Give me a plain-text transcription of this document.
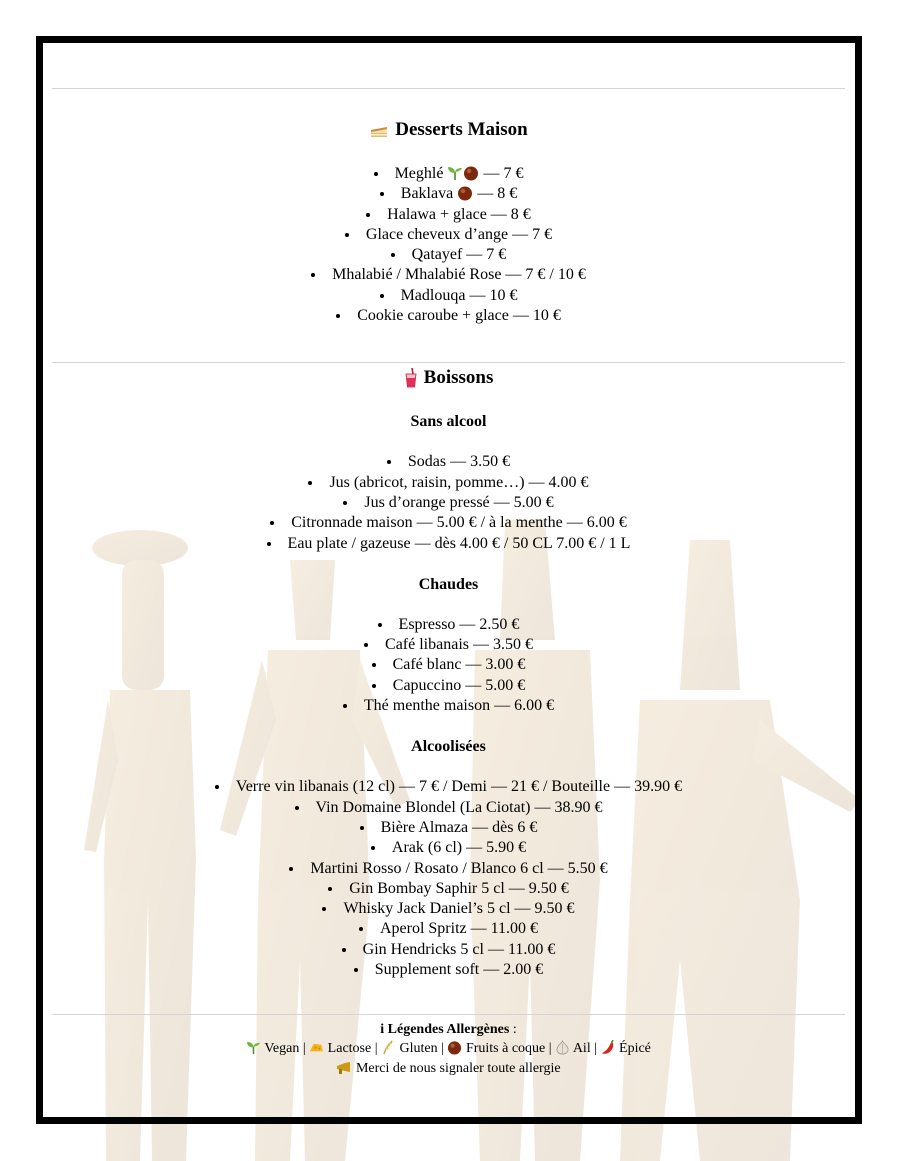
Desserts Maison
• Meghlé	— 7 €
• Baklava — 8 €
• Halawa + glace — 8 €
• Glace cheveux d’ange — 7 €
• Qatayef — 7 €
• Mhalabié / Mhalabié Rose — 7 € / 10 €
• Madlouqa — 10 €
• Cookie caroube + glace — 10 €
Boissons
Sans alcool
• Sodas — 3.50 €
• Jus (abricot, raisin, pomme…) — 4.00 €
• Jus d’orange pressé — 5.00 €
• Citronnade maison — 5.00 € / à la menthe — 6.00 €
• Eau plate / gazeuse — dès 4.00 € / 50 CL 7.00 € / 1 L
Chaudes
• Espresso — 2.50 €
• Café libanais — 3.50 €
• Café blanc — 3.00 €
• Capuccino — 5.00 €
• Thé menthe maison — 6.00 €
Alcoolisées
• Verre vin libanais (12 cl) — 7 € / Demi — 21 € / Bouteille — 39.90 €
• Vin Domaine Blondel (La Ciotat) — 38.90 €
• Bière Almaza — dès 6 €
• Arak (6 cl) — 5.90 €
• Martini Rosso / Rosato / Blanco 6 cl — 5.50 €
• Gin Bombay Saphir 5 cl — 9.50 €
• Whisky Jack Daniel’s 5 cl — 9.50 €
• Aperol Spritz — 11.00 €
• Gin Hendricks 5 cl — 11.00 €
• Supplement soft — 2.00 €
i Légendes Allergènes :
Vegan |  Lactose |  Gluten |  Fruits à coque |  Ail |  Épicé
Merci de nous signaler toute allergie
